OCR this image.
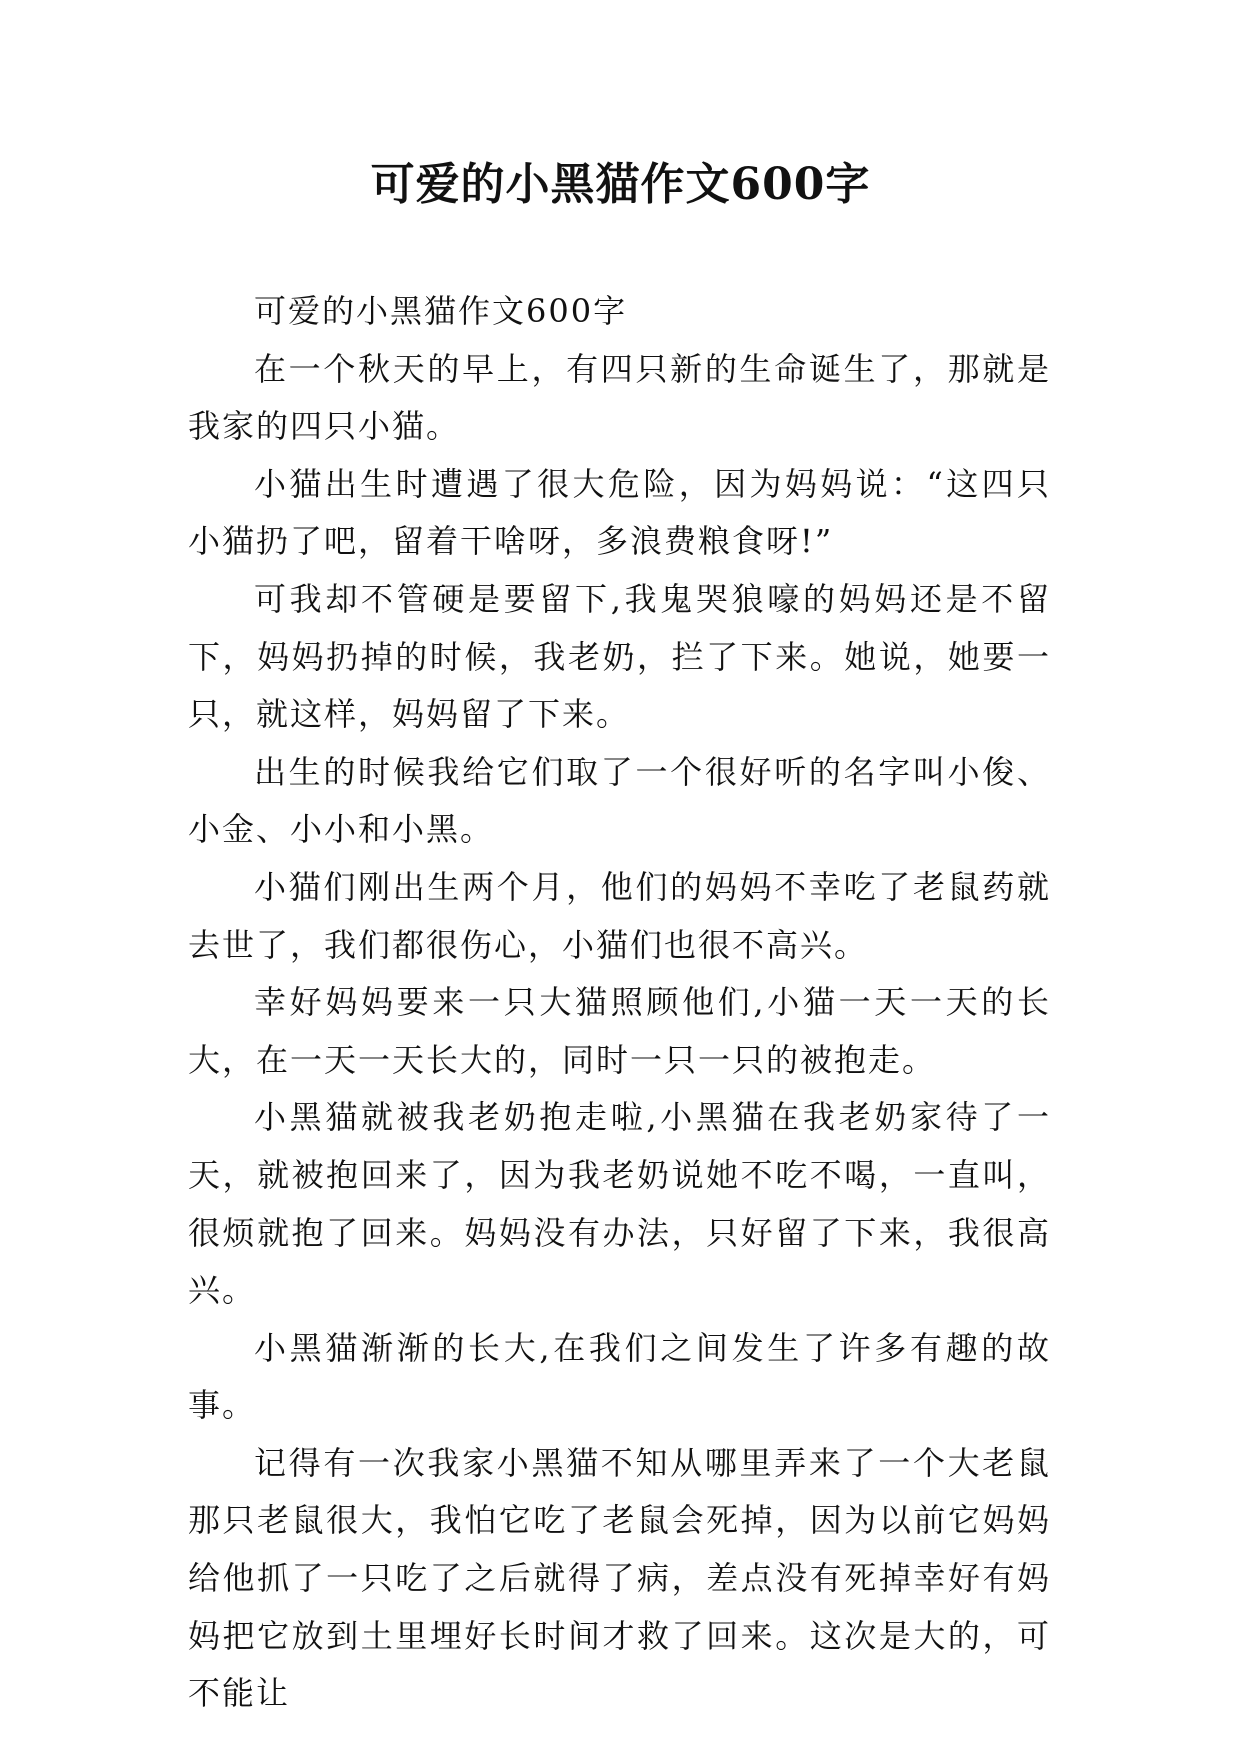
可爱的小黑猫作文600字

可爱的小黑猫作文600字

在一个秋天的早上，有四只新的生命诞生了，那就是我家的四只小猫。

小猫出生时遭遇了很大危险，因为妈妈说：“这四只小猫扔了吧，留着干啥呀，多浪费粮食呀!”

可我却不管硬是要留下,我鬼哭狼嚎的妈妈还是不留下，妈妈扔掉的时候，我老奶，拦了下来。她说，她要一只，就这样，妈妈留了下来。

出生的时候我给它们取了一个很好听的名字叫小俊、小金、小小和小黑。

小猫们刚出生两个月，他们的妈妈不幸吃了老鼠药就去世了，我们都很伤心，小猫们也很不高兴。

幸好妈妈要来一只大猫照顾他们,小猫一天一天的长大，在一天一天长大的，同时一只一只的被抱走。

小黑猫就被我老奶抱走啦,小黑猫在我老奶家待了一天，就被抱回来了，因为我老奶说她不吃不喝，一直叫，很烦就抱了回来。妈妈没有办法，只好留了下来，我很高兴。

小黑猫渐渐的长大,在我们之间发生了许多有趣的故事。

记得有一次我家小黑猫不知从哪里弄来了一个大老鼠那只老鼠很大，我怕它吃了老鼠会死掉，因为以前它妈妈给他抓了一只吃了之后就得了病，差点没有死掉幸好有妈妈把它放到土里埋好长时间才救了回来。这次是大的，可不能让
